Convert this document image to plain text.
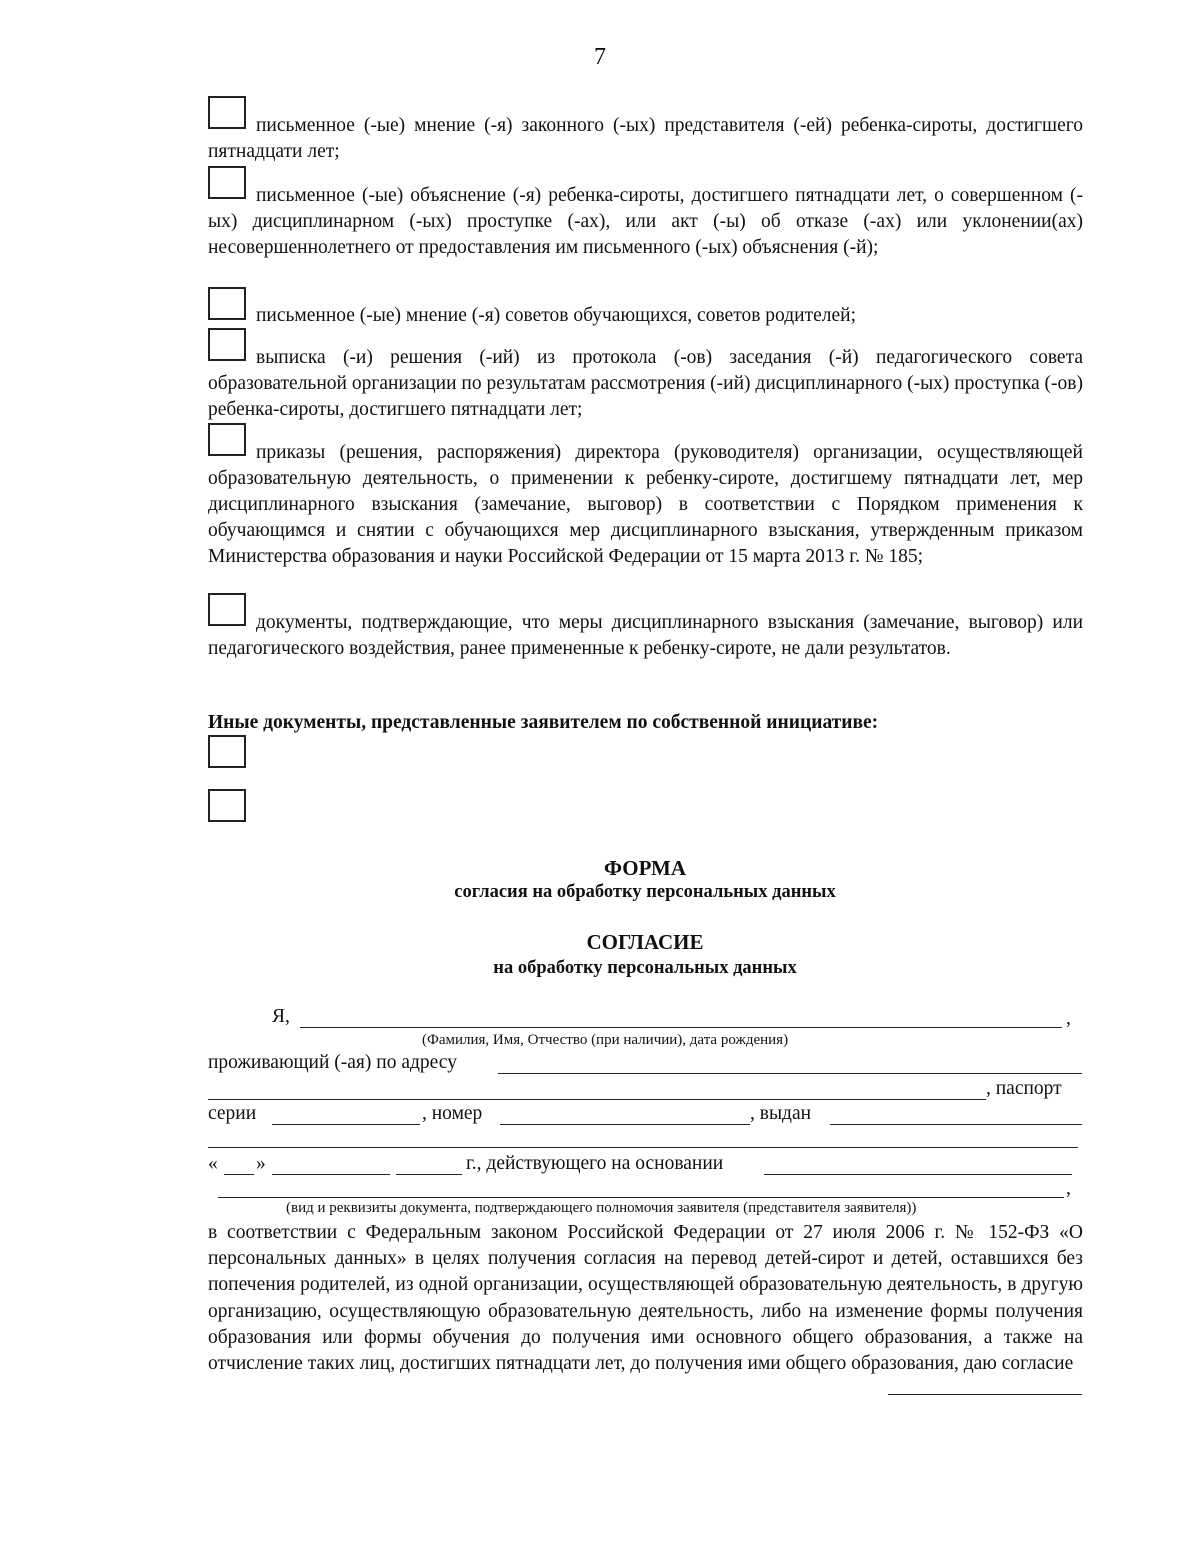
7
письменное (-ые) мнение (-я) законного (-ых) представителя (-ей) ребенка-сироты, достигшего пятнадцати лет;
письменное (-ые) объяснение (-я) ребенка-сироты, достигшего пятнадцати лет, о совершенном (-ых) дисциплинарном (-ых) проступке (-ах), или акт (-ы) об отказе (-ах) или уклонении(ах) несовершеннолетнего от предоставления им письменного (-ых) объяснения (-й);
письменное (-ые) мнение (-я) советов обучающихся, советов родителей;
выписка (-и) решения (-ий) из протокола (-ов) заседания (-й) педагогического совета образовательной организации по результатам рассмотрения (-ий) дисциплинарного (-ых) проступка (-ов) ребенка-сироты, достигшего пятнадцати лет;
приказы (решения, распоряжения) директора (руководителя) организации, осуществляющей образовательную деятельность, о применении к ребенку-сироте, достигшему пятнадцати лет, мер дисциплинарного взыскания (замечание, выговор) в соответствии с Порядком применения к обучающимся и снятии с обучающихся мер дисциплинарного взыскания, утвержденным приказом Министерства образования и науки Российской Федерации от 15 марта 2013 г. № 185;
документы, подтверждающие, что меры дисциплинарного взыскания (замечание, выговор) или педагогического воздействия, ранее примененные к ребенку-сироте, не дали результатов.
Иные документы, представленные заявителем по собственной инициативе:
ФОРМА
согласия на обработку персональных данных
СОГЛАСИЕ
на обработку персональных данных
Я,	,
(Фамилия, Имя, Отчество (при наличии), дата рождения)
проживающий (-ая) по адресу
, паспорт
серии	, номер	, выдан
« »	г., действующего на основании
,
(вид и реквизиты документа, подтверждающего полномочия заявителя (представителя заявителя))
в соответствии с Федеральным законом Российской Федерации от 27 июля 2006 г. № 152-ФЗ «О персональных данных» в целях получения согласия на перевод детей-сирот и детей, оставшихся без попечения родителей, из одной организации, осуществляющей образовательную деятельность, в другую организацию, осуществляющую образовательную деятельность, либо на изменение формы получения образования или формы обучения до получения ими основного общего образования, а также на отчисление таких лиц, достигших пятнадцати лет, до получения ими общего образования, даю согласие
